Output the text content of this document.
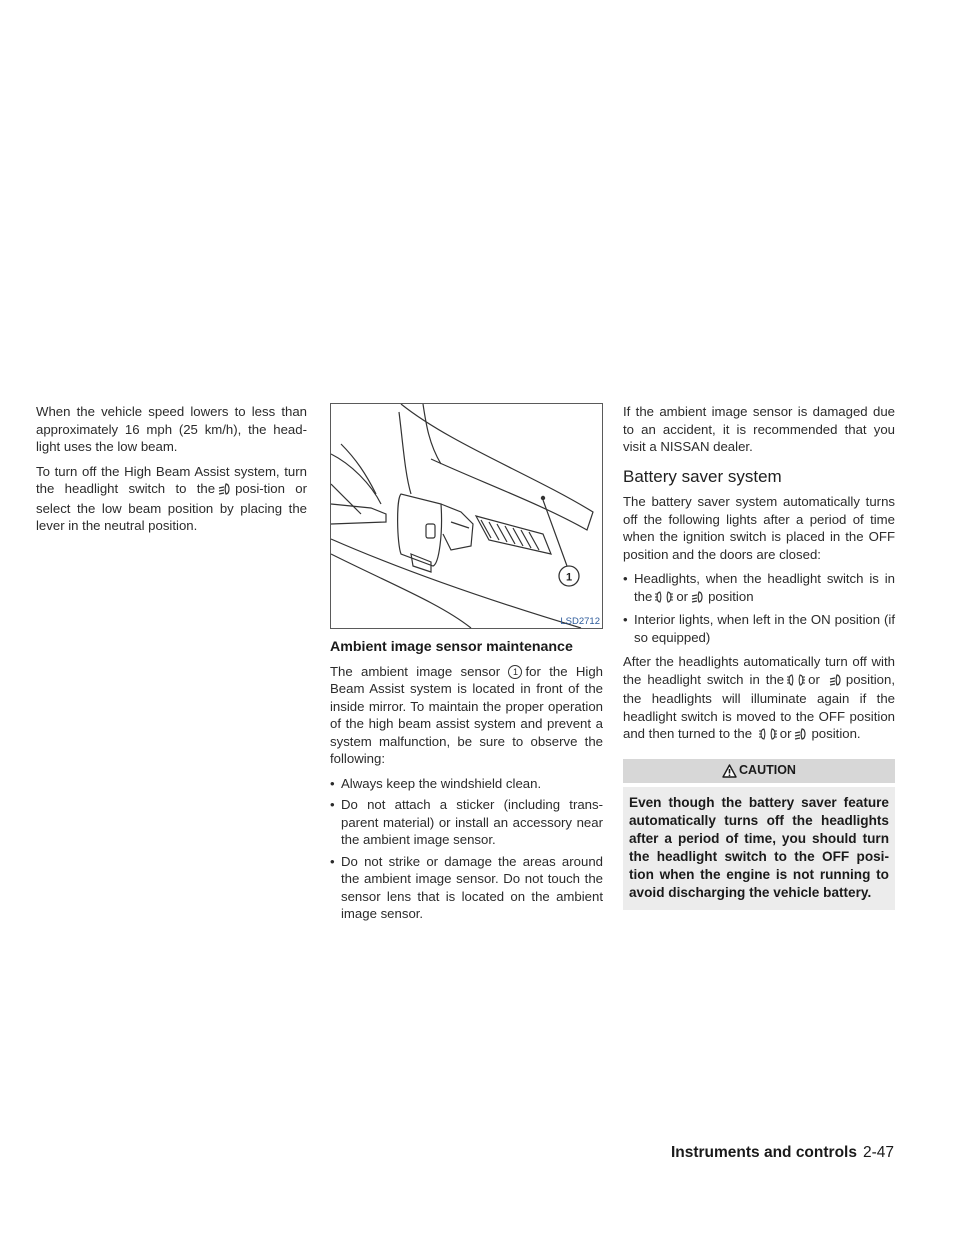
When the vehicle speed lowers to less than approximately 16 mph (25 km/h), the head-light uses the low beam.

To turn off the High Beam Assist system, turn the headlight switch to the posi-tion or select the low beam position by placing the lever in the neutral position.

1
LSD2712
Ambient image sensor maintenance

The ambient image sensor 1 for the High Beam Assist system is located in front of the inside mirror. To maintain the proper operation of the high beam assist system and prevent a system malfunction, be sure to observe the following:

• Always keep the windshield clean.
• Do not attach a sticker (including trans-parent material) or install an accessory near the ambient image sensor.
• Do not strike or damage the areas around the ambient image sensor. Do not touch the sensor lens that is located on the ambient image sensor.

If the ambient image sensor is damaged due to an accident, it is recommended that you visit a NISSAN dealer.

Battery saver system

The battery saver system automatically turns off the following lights after a period of time when the ignition switch is placed in the OFF position and the doors are closed:

• Headlights, when the headlight switch is in the or position
• Interior lights, when left in the ON position (if so equipped)

After the headlights automatically turn off with the headlight switch in the or position, the headlights will illuminate again if the headlight switch is moved to the OFF position and then turned to the or position.

CAUTION
Even though the battery saver feature automatically turns off the headlights after a period of time, you should turn the headlight switch to the OFF posi-tion when the engine is not running to avoid discharging the vehicle battery.
Instruments and controls 2-47
